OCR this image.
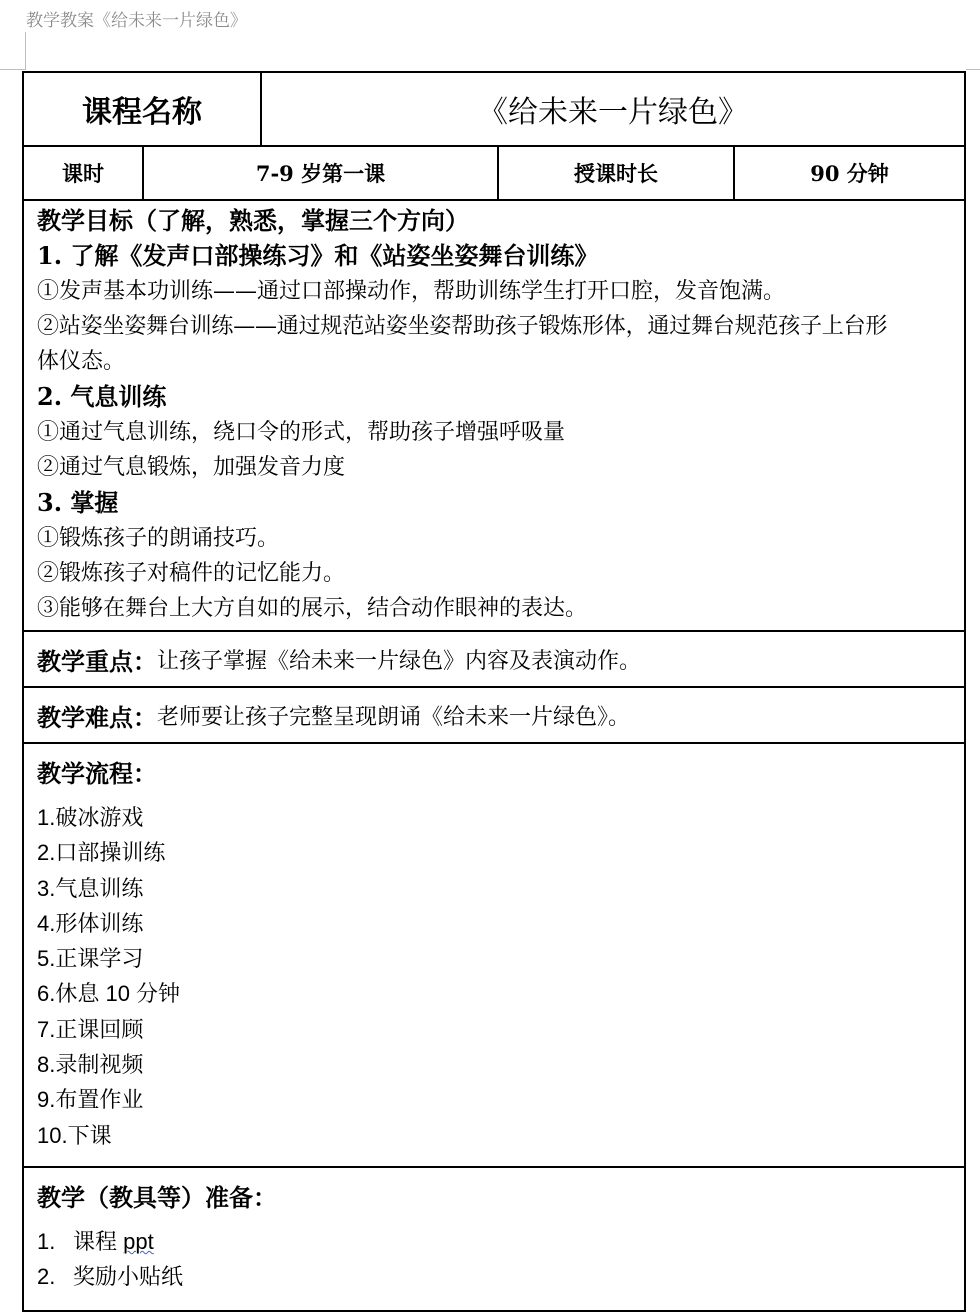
教学教案《给未来一片绿色》
课程名称	《给未来一片绿色》
课时	7-9 岁第一课	授课时长	90 分钟
教学目标（了解，熟悉，掌握三个方向）
1. 了解《发声口部操练习》和《站姿坐姿舞台训练》
①发声基本功训练——通过口部操动作，帮助训练学生打开口腔，发音饱满。
②站姿坐姿舞台训练——通过规范站姿坐姿帮助孩子锻炼形体，通过舞台规范孩子上台形
体仪态。
2. 气息训练
①通过气息训练，绕口令的形式，帮助孩子增强呼吸量
②通过气息锻炼，加强发音力度
3. 掌握
①锻炼孩子的朗诵技巧。
②锻炼孩子对稿件的记忆能力。
③能够在舞台上大方自如的展示，结合动作眼神的表达。
教学重点： 让孩子掌握《给未来一片绿色》内容及表演动作。
教学难点： 老师要让孩子完整呈现朗诵《给未来一片绿色》。
教学流程：
1.破冰游戏
2.口部操训练
3.气息训练
4.形体训练
5.正课学习
6.休息 10 分钟
7.正课回顾
8.录制视频
9.布置作业
10.下课
教学（教具等）准备：
1. 课程 ppt
2. 奖励小贴纸
